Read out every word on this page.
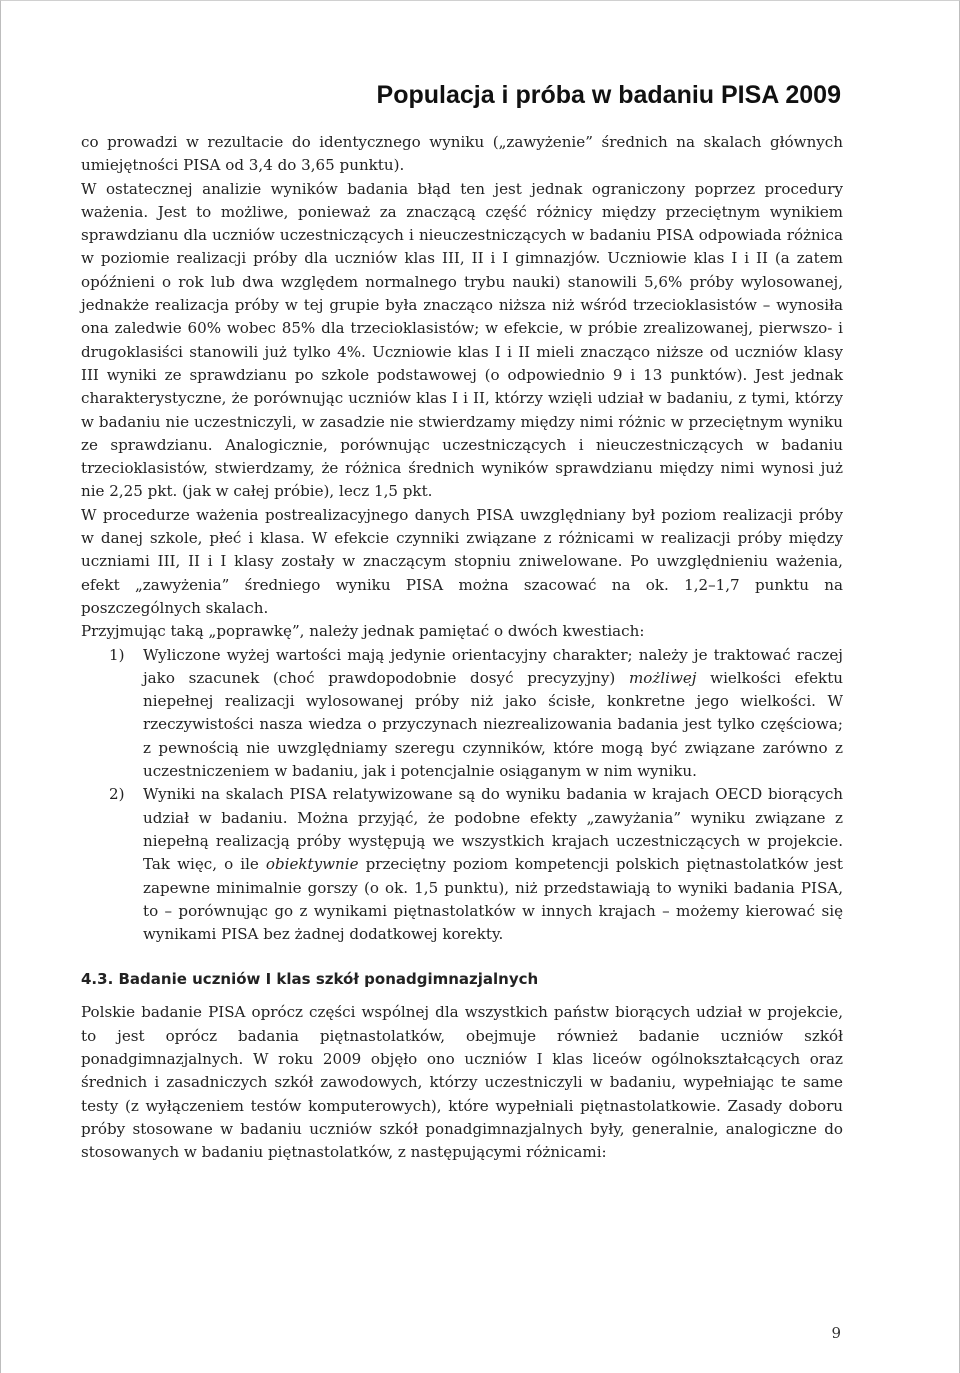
Populacja i próba w badaniu PISA 2009

co prowadzi w rezultacie do identycznego wyniku („zawyżenie” średnich na skalach głównych umiejętności PISA od 3,4 do 3,65 punktu).

W ostatecznej analizie wyników badania błąd ten jest jednak ograniczony poprzez procedury ważenia. Jest to możliwe, ponieważ za znaczącą część różnicy między przeciętnym wynikiem sprawdzianu dla uczniów uczestniczących i nieuczestniczących w badaniu PISA odpowiada różnica w poziomie realizacji próby dla uczniów klas III, II i I gimnazjów. Uczniowie klas I i II (a zatem opóźnieni o rok lub dwa względem normalnego trybu nauki) stanowili 5,6% próby wylosowanej, jednakże realizacja próby w tej grupie była znacząco niższa niż wśród trzecioklasistów – wynosiła ona zaledwie 60% wobec 85% dla trzecioklasistów; w efekcie, w próbie zrealizowanej, pierwszo- i drugoklasiści stanowili już tylko 4%. Uczniowie klas I i II mieli znacząco niższe od uczniów klasy III wyniki ze sprawdzianu po szkole podstawowej (o odpowiednio 9 i 13 punktów). Jest jednak charakterystyczne, że porównując uczniów klas I i II, którzy wzięli udział w badaniu, z tymi, którzy w badaniu nie uczestniczyli, w zasadzie nie stwierdzamy między nimi różnic w przeciętnym wyniku ze sprawdzianu. Analogicznie, porównując uczestniczących i nieuczestniczących w badaniu trzecioklasistów, stwierdzamy, że różnica średnich wyników sprawdzianu między nimi wynosi już nie 2,25 pkt. (jak w całej próbie), lecz 1,5 pkt.

W procedurze ważenia postrealizacyjnego danych PISA uwzględniany był poziom realizacji próby w danej szkole, płeć i klasa. W efekcie czynniki związane z różnicami w realizacji próby między uczniami III, II i I klasy zostały w znaczącym stopniu zniwelowane. Po uwzględnieniu ważenia, efekt „zawyżenia” średniego wyniku PISA można szacować na ok. 1,2–1,7 punktu na poszczególnych skalach.

Przyjmując taką „poprawkę”, należy jednak pamiętać o dwóch kwestiach:

1) Wyliczone wyżej wartości mają jedynie orientacyjny charakter; należy je traktować raczej jako szacunek (choć prawdopodobnie dosyć precyzyjny) możliwej wielkości efektu niepełnej realizacji wylosowanej próby niż jako ścisłe, konkretne jego wielkości. W rzeczywistości nasza wiedza o przyczynach niezrealizowania badania jest tylko częściowa; z pewnością nie uwzględniamy szeregu czynników, które mogą być związane zarówno z uczestniczeniem w badaniu, jak i potencjalnie osiąganym w nim wyniku.
2) Wyniki na skalach PISA relatywizowane są do wyniku badania w krajach OECD biorących udział w badaniu. Można przyjąć, że podobne efekty „zawyżania” wyniku związane z niepełną realizacją próby występują we wszystkich krajach uczestniczących w projekcie. Tak więc, o ile obiektywnie przeciętny poziom kompetencji polskich piętnastolatków jest zapewne minimalnie gorszy (o ok. 1,5 punktu), niż przedstawiają to wyniki badania PISA, to – porównując go z wynikami piętnastolatków w innych krajach – możemy kierować się wynikami PISA bez żadnej dodatkowej korekty.
4.3. Badanie uczniów I klas szkół ponadgimnazjalnych

Polskie badanie PISA oprócz części wspólnej dla wszystkich państw biorących udział w projekcie, to jest oprócz badania piętnastolatków, obejmuje również badanie uczniów szkół ponadgimnazjalnych. W roku 2009 objęło ono uczniów I klas liceów ogólnokształcących oraz średnich i zasadniczych szkół zawodowych, którzy uczestniczyli w badaniu, wypełniając te same testy (z wyłączeniem testów komputerowych), które wypełniali piętnastolatkowie. Zasady doboru próby stosowane w badaniu uczniów szkół ponadgimnazjalnych były, generalnie, analogiczne do stosowanych w badaniu piętnastolatków, z następującymi różnicami:

9
